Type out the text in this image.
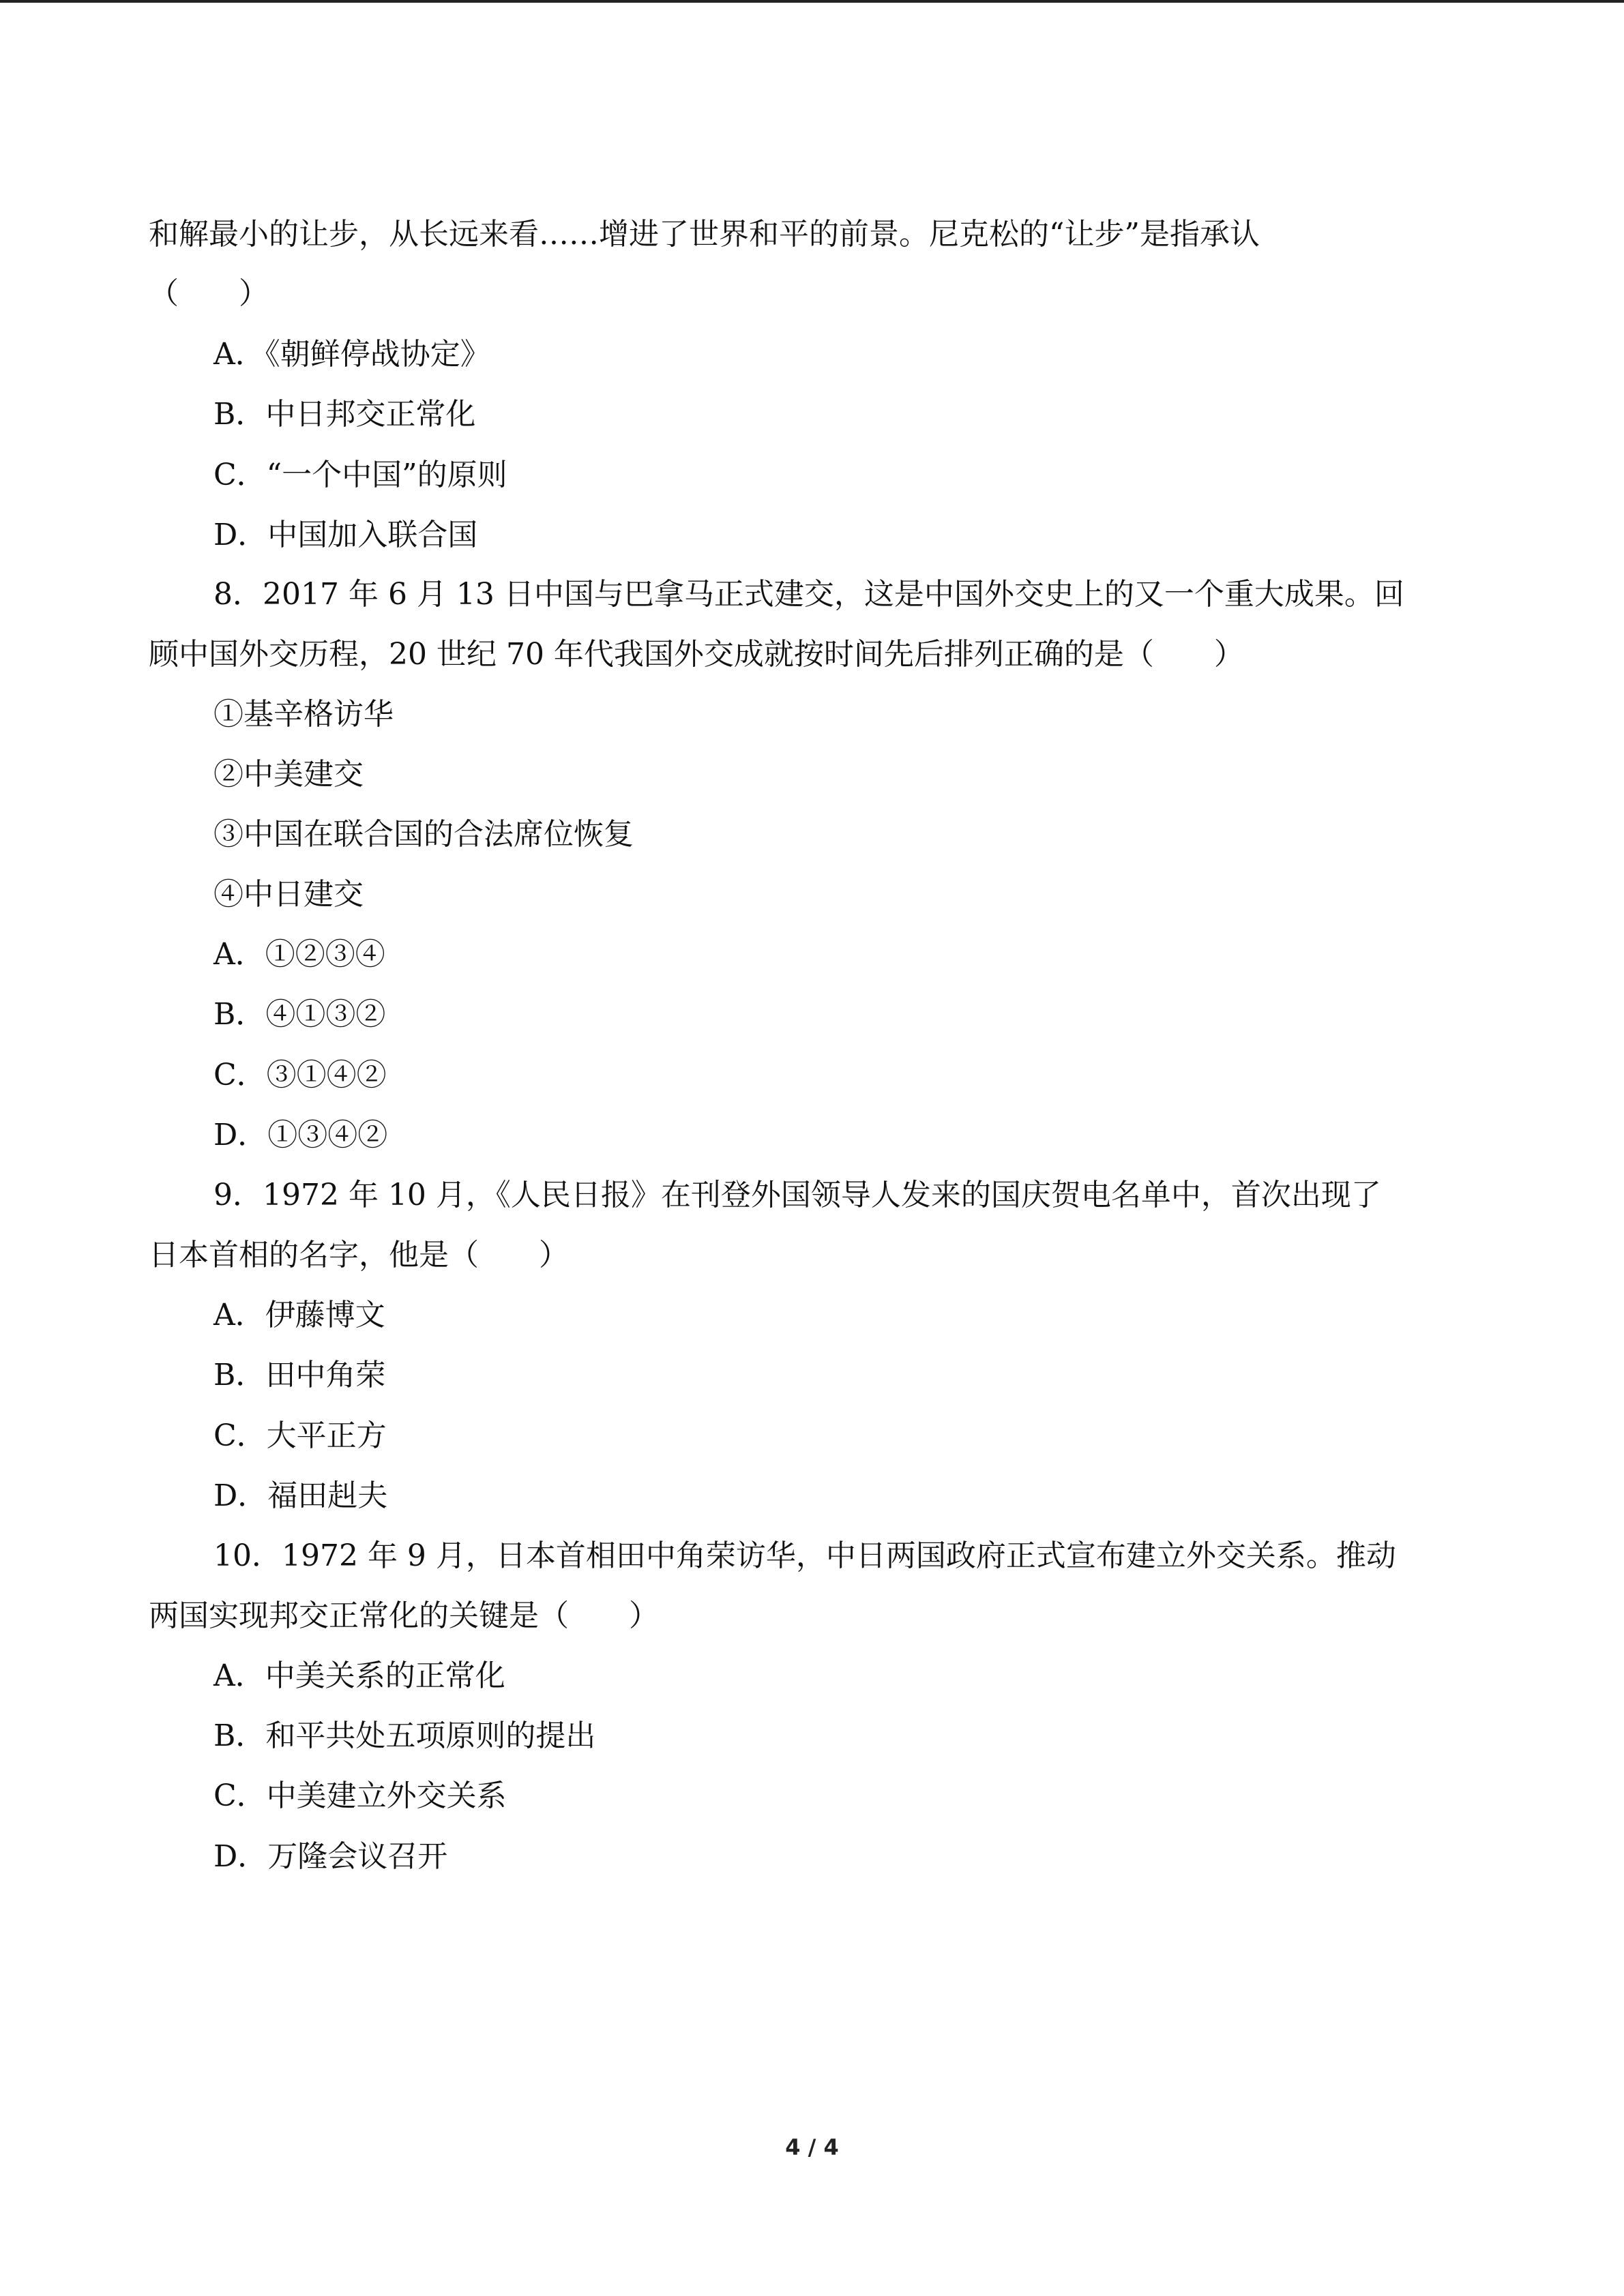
和解最小的让步，从长远来看……增进了世界和平的前景。尼克松的“让步”是指承认
（　　）
A．《朝鲜停战协定》
B．中日邦交正常化
C．“一个中国”的原则
D．中国加入联合国
8．2017 年 6 月 13 日中国与巴拿马正式建交，这是中国外交史上的又一个重大成果。回
顾中国外交历程，20 世纪 70 年代我国外交成就按时间先后排列正确的是（　　）
①基辛格访华
②中美建交
③中国在联合国的合法席位恢复
④中日建交
A．①②③④
B．④①③②
C．③①④②
D．①③④②
9．1972 年 10 月，《人民日报》在刊登外国领导人发来的国庆贺电名单中，首次出现了
日本首相的名字，他是（　　）
A．伊藤博文
B．田中角荣
C．大平正方
D．福田赳夫
10．1972 年 9 月，日本首相田中角荣访华，中日两国政府正式宣布建立外交关系。推动
两国实现邦交正常化的关键是（　　）
A．中美关系的正常化
B．和平共处五项原则的提出
C．中美建立外交关系
D．万隆会议召开
4 / 4
